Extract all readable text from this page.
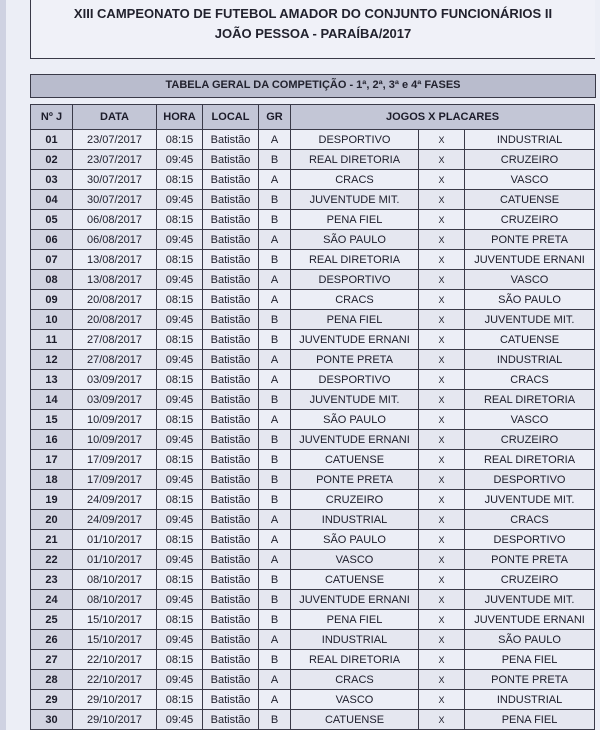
XIII CAMPEONATO DE FUTEBOL AMADOR DO CONJUNTO FUNCIONÁRIOS II
JOÃO PESSOA - PARAÍBA/2017
TABELA GERAL DA COMPETIÇÃO - 1ª, 2ª, 3ª e 4ª FASES
Nº J	DATA	HORA	LOCAL	GR	JOGOS X PLACARES		
01	23/07/2017	08:15	Batistão	A	DESPORTIVO	X	INDUSTRIAL
02	23/07/2017	09:45	Batistão	B	REAL DIRETORIA	X	CRUZEIRO
03	30/07/2017	08:15	Batistão	A	CRACS	X	VASCO
04	30/07/2017	09:45	Batistão	B	JUVENTUDE MIT.	X	CATUENSE
05	06/08/2017	08:15	Batistão	B	PENA FIEL	X	CRUZEIRO
06	06/08/2017	09:45	Batistão	A	SÃO PAULO	X	PONTE PRETA
07	13/08/2017	08:15	Batistão	B	REAL DIRETORIA	X	JUVENTUDE ERNANI
08	13/08/2017	09:45	Batistão	A	DESPORTIVO	X	VASCO
09	20/08/2017	08:15	Batistão	A	CRACS	X	SÃO PAULO
10	20/08/2017	09:45	Batistão	B	PENA FIEL	X	JUVENTUDE MIT.
11	27/08/2017	08:15	Batistão	B	JUVENTUDE ERNANI	X	CATUENSE
12	27/08/2017	09:45	Batistão	A	PONTE PRETA	X	INDUSTRIAL
13	03/09/2017	08:15	Batistão	A	DESPORTIVO	X	CRACS
14	03/09/2017	09:45	Batistão	B	JUVENTUDE MIT.	X	REAL DIRETORIA
15	10/09/2017	08:15	Batistão	A	SÃO PAULO	X	VASCO
16	10/09/2017	09:45	Batistão	B	JUVENTUDE ERNANI	X	CRUZEIRO
17	17/09/2017	08:15	Batistão	B	CATUENSE	X	REAL DIRETORIA
18	17/09/2017	09:45	Batistão	B	PONTE PRETA	X	DESPORTIVO
19	24/09/2017	08:15	Batistão	B	CRUZEIRO	X	JUVENTUDE MIT.
20	24/09/2017	09:45	Batistão	A	INDUSTRIAL	X	CRACS
21	01/10/2017	08:15	Batistão	A	SÃO PAULO	X	DESPORTIVO
22	01/10/2017	09:45	Batistão	A	VASCO	X	PONTE PRETA
23	08/10/2017	08:15	Batistão	B	CATUENSE	X	CRUZEIRO
24	08/10/2017	09:45	Batistão	B	JUVENTUDE ERNANI	X	JUVENTUDE MIT.
25	15/10/2017	08:15	Batistão	B	PENA FIEL	X	JUVENTUDE ERNANI
26	15/10/2017	09:45	Batistão	A	INDUSTRIAL	X	SÃO PAULO
27	22/10/2017	08:15	Batistão	B	REAL DIRETORIA	X	PENA FIEL
28	22/10/2017	09:45	Batistão	A	CRACS	X	PONTE PRETA
29	29/10/2017	08:15	Batistão	A	VASCO	X	INDUSTRIAL
30	29/10/2017	09:45	Batistão	B	CATUENSE	X	PENA FIEL
